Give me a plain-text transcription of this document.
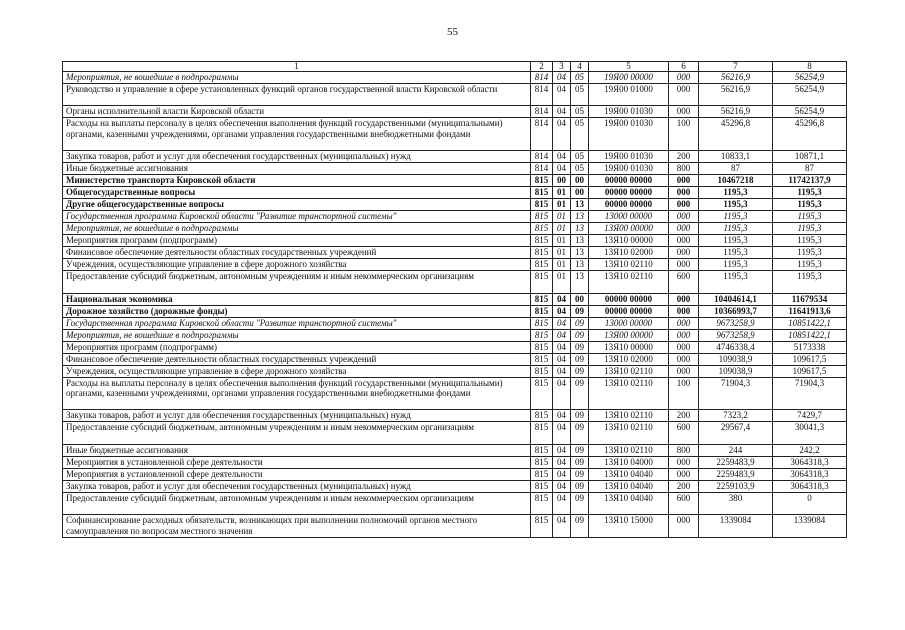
55
1	2	3	4	5	6	7	8
Мероприятия, не вошедшие в подпрограммы	814	04	05	19Я00 00000	000	56216,9	56254,9
Руководство и управление в сфере установленных функций органов государственной власти Кировской области	814	04	05	19Я00 01000	000	56216,9	56254,9
Органы исполнительной власти Кировской области	814	04	05	19Я00 01030	000	56216,9	56254,9
Расходы на выплаты персоналу в целях обеспечения выполнения функций государственными (муниципальными) органами, казенными учреждениями, органами управления государственными внебюджетными фондами	814	04	05	19Я00 01030	100	45296,8	45296,8
Закупка товаров, работ и услуг для обеспечения государственных (муниципальных) нужд	814	04	05	19Я00 01030	200	10833,1	10871,1
Иные бюджетные ассигнования	814	04	05	19Я00 01030	800	87	87
Министерство транспорта Кировской области	815	00	00	00000 00000	000	10467218	11742137,9
Общегосударственные вопросы	815	01	00	00000 00000	000	1195,3	1195,3
Другие общегосударственные вопросы	815	01	13	00000 00000	000	1195,3	1195,3
Государственная программа Кировской области "Развитие транспортной системы"	815	01	13	13000 00000	000	1195,3	1195,3
Мероприятия, не вошедшие в подпрограммы	815	01	13	13Я00 00000	000	1195,3	1195,3
Мероприятия программ (подпрограмм)	815	01	13	13Я10 00000	000	1195,3	1195,3
Финансовое обеспечение деятельности областных государственных учреждений	815	01	13	13Я10 02000	000	1195,3	1195,3
Учреждения, осуществляющие управление в сфере дорожного хозяйства	815	01	13	13Я10 02110	000	1195,3	1195,3
Предоставление субсидий бюджетным, автономным учреждениям и иным некоммерческим организациям	815	01	13	13Я10 02110	600	1195,3	1195,3
Национальная экономика	815	04	00	00000 00000	000	10404614,1	11679534
Дорожное хозяйство (дорожные фонды)	815	04	09	00000 00000	000	10366993,7	11641913,6
Государственная программа Кировской области "Развитие транспортной системы"	815	04	09	13000 00000	000	9673258,9	10851422,1
Мероприятия, не вошедшие в подпрограммы	815	04	09	13Я00 00000	000	9673258,9	10851422,1
Мероприятия программ (подпрограмм)	815	04	09	13Я10 00000	000	4746338,4	5173338
Финансовое обеспечение деятельности областных государственных учреждений	815	04	09	13Я10 02000	000	109038,9	109617,5
Учреждения, осуществляющие управление в сфере дорожного хозяйства	815	04	09	13Я10 02110	000	109038,9	109617,5
Расходы на выплаты персоналу в целях обеспечения выполнения функций государственными (муниципальными) органами, казенными учреждениями, органами управления государственными внебюджетными фондами	815	04	09	13Я10 02110	100	71904,3	71904,3
Закупка товаров, работ и услуг для обеспечения государственных (муниципальных) нужд	815	04	09	13Я10 02110	200	7323,2	7429,7
Предоставление субсидий бюджетным, автономным учреждениям и иным некоммерческим организациям	815	04	09	13Я10 02110	600	29567,4	30041,3
Иные бюджетные ассигнования	815	04	09	13Я10 02110	800	244	242,2
Мероприятия в установленной сфере деятельности	815	04	09	13Я10 04000	000	2259483,9	3064318,3
Мероприятия в установленной сфере деятельности	815	04	09	13Я10 04040	000	2259483,9	3064318,3
Закупка товаров, работ и услуг для обеспечения государственных (муниципальных) нужд	815	04	09	13Я10 04040	200	2259103,9	3064318,3
Предоставление субсидий бюджетным, автономным учреждениям и иным некоммерческим организациям	815	04	09	13Я10 04040	600	380	0
Софинансирование расходных обязательств, возникающих при выполнении полномочий органов местного самоуправления по вопросам местного значения	815	04	09	13Я10 15000	000	1339084	1339084
